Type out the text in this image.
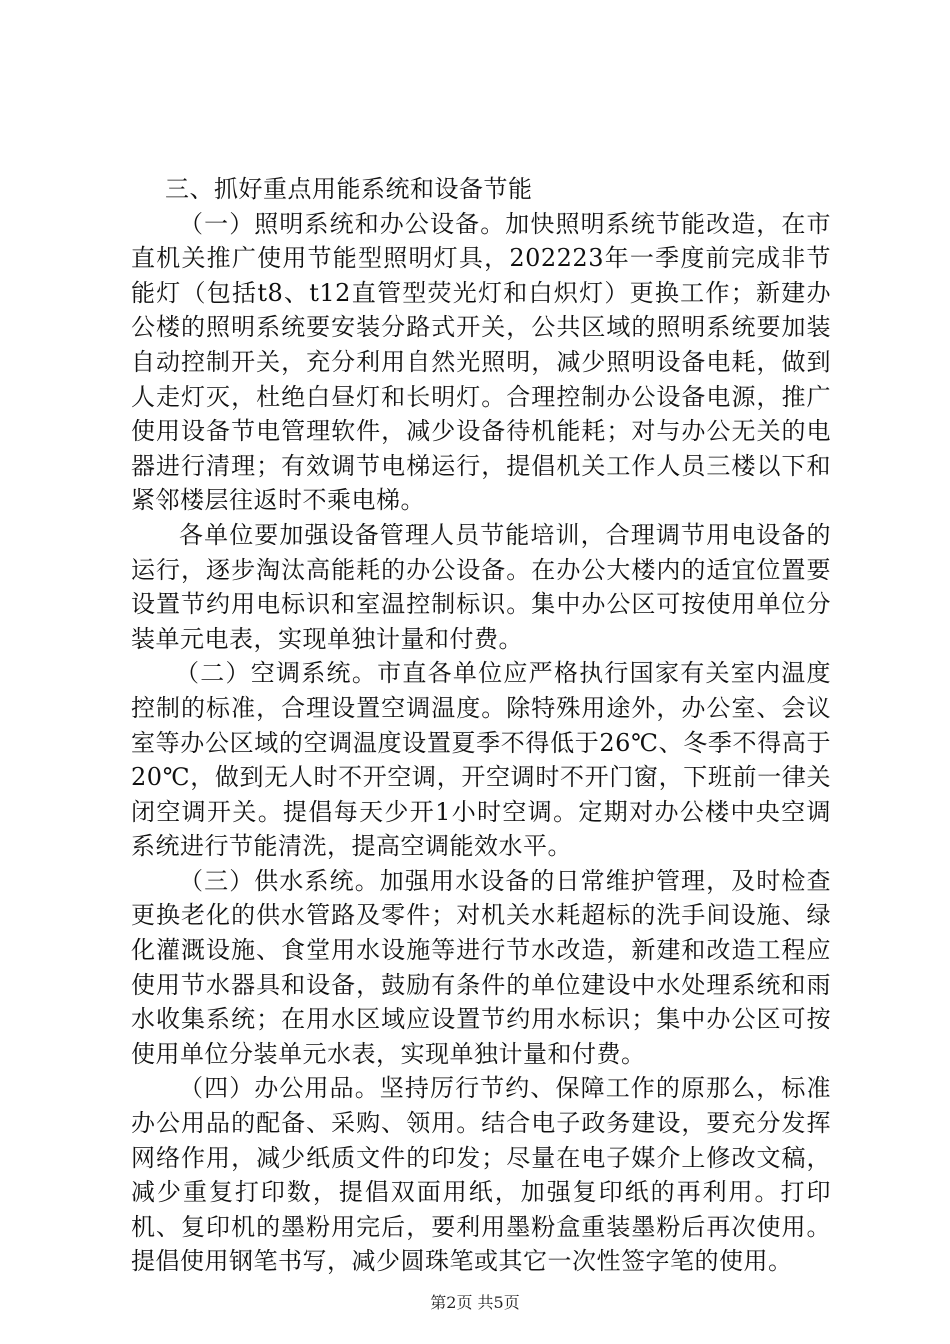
三、抓好重点用能系统和设备节能

（一）照明系统和办公设备。加快照明系统节能改造，在市直机关推广使用节能型照明灯具，202223年一季度前完成非节能灯（包括t8、t12直管型荧光灯和白炽灯）更换工作；新建办公楼的照明系统要安装分路式开关，公共区域的照明系统要加装自动控制开关，充分利用自然光照明，减少照明设备电耗，做到人走灯灭，杜绝白昼灯和长明灯。合理控制办公设备电源，推广使用设备节电管理软件，减少设备待机能耗；对与办公无关的电器进行清理；有效调节电梯运行，提倡机关工作人员三楼以下和紧邻楼层往返时不乘电梯。

各单位要加强设备管理人员节能培训，合理调节用电设备的运行，逐步淘汰高能耗的办公设备。在办公大楼内的适宜位置要设置节约用电标识和室温控制标识。集中办公区可按使用单位分装单元电表，实现单独计量和付费。

（二）空调系统。市直各单位应严格执行国家有关室内温度控制的标准，合理设置空调温度。除特殊用途外，办公室、会议室等办公区域的空调温度设置夏季不得低于26℃、冬季不得高于20℃，做到无人时不开空调，开空调时不开门窗，下班前一律关闭空调开关。提倡每天少开1小时空调。定期对办公楼中央空调系统进行节能清洗，提高空调能效水平。

（三）供水系统。加强用水设备的日常维护管理，及时检查更换老化的供水管路及零件；对机关水耗超标的洗手间设施、绿化灌溉设施、食堂用水设施等进行节水改造，新建和改造工程应使用节水器具和设备，鼓励有条件的单位建设中水处理系统和雨水收集系统；在用水区域应设置节约用水标识；集中办公区可按使用单位分装单元水表，实现单独计量和付费。

（四）办公用品。坚持厉行节约、保障工作的原那么，标准办公用品的配备、采购、领用。结合电子政务建设，要充分发挥网络作用，减少纸质文件的印发；尽量在电子媒介上修改文稿，减少重复打印数，提倡双面用纸，加强复印纸的再利用。打印机、复印机的墨粉用完后，要利用墨粉盒重装墨粉后再次使用。提倡使用钢笔书写，减少圆珠笔或其它一次性签字笔的使用。

第2页 共5页
